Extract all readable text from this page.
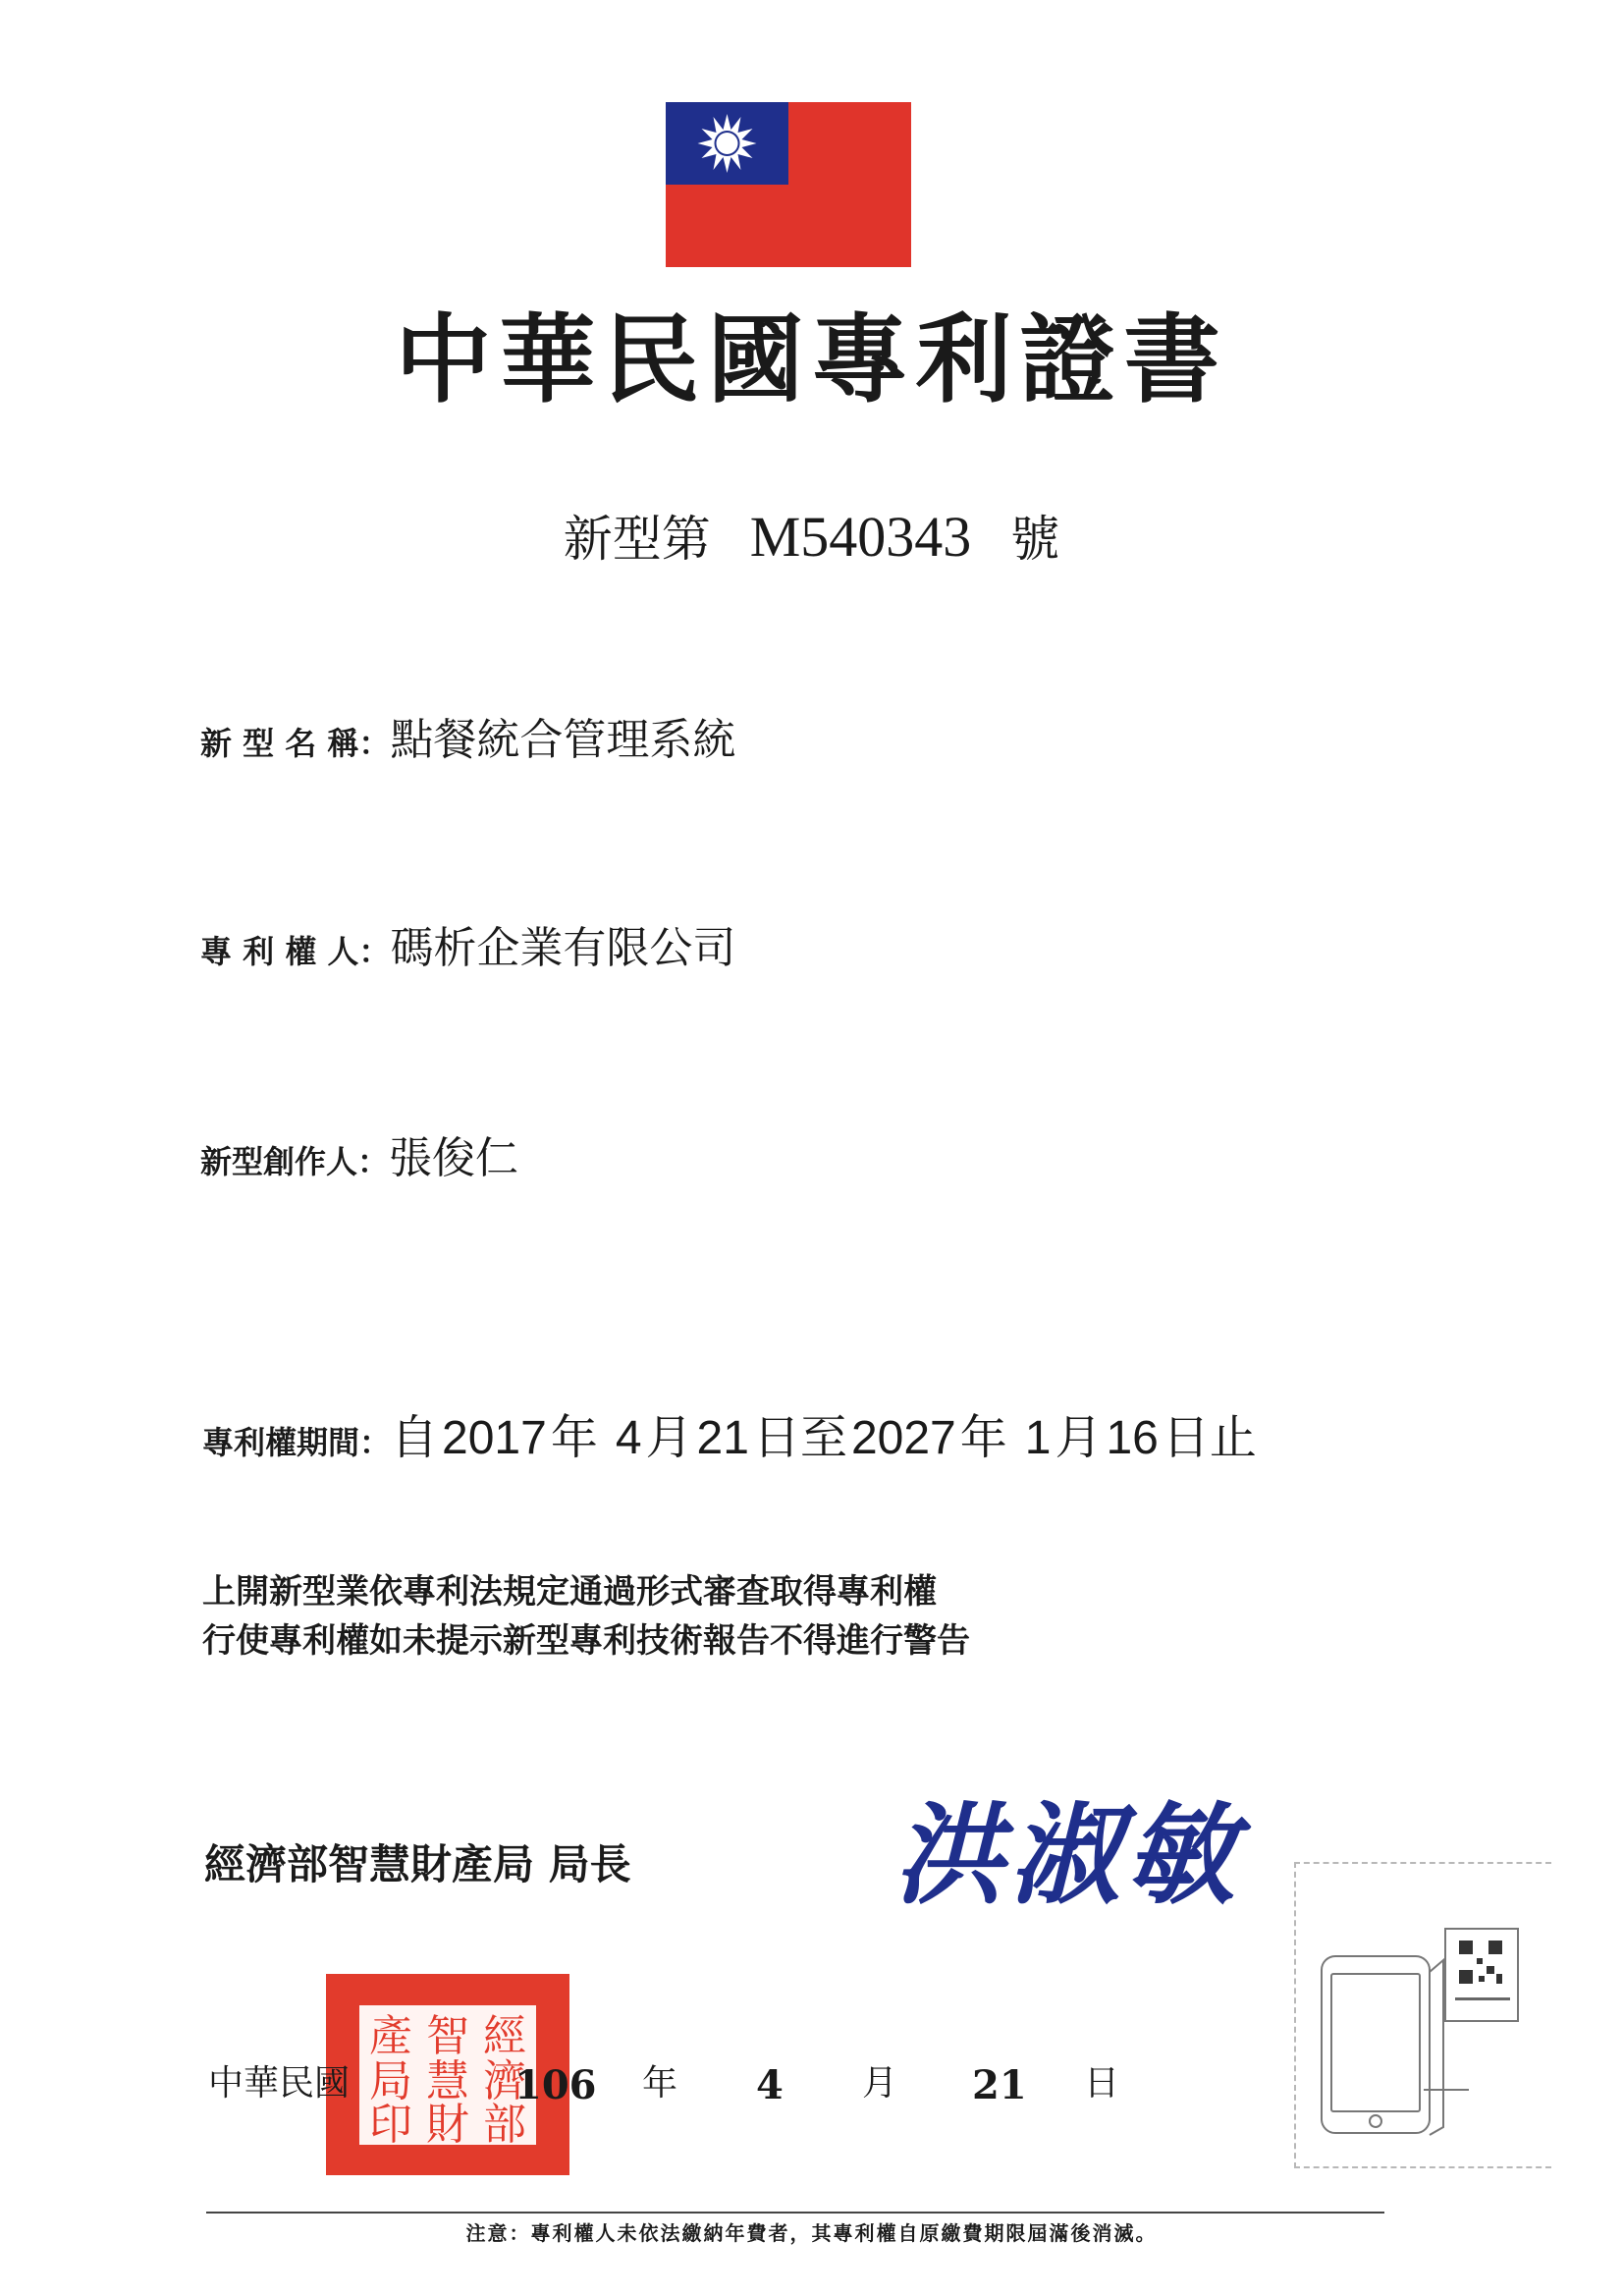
中華民國專利證書
新型第 M540343 號
新 型 名 稱：點餐統合管理系統
專 利 權 人：碼析企業有限公司
新型創作人：張俊仁
專利權期間：自2017年 4月21日至2027年 1月16日止
上開新型業依專利法規定通過形式審查取得專利權
行使專利權如未提示新型專利技術報告不得進行警告
經濟部智慧財產局 局長 洪淑敏
經
濟
部
智
慧
財
產
局
印
中華民國	106 年 4 月 21 日
注意：專利權人未依法繳納年費者，其專利權自原繳費期限屆滿後消滅。
